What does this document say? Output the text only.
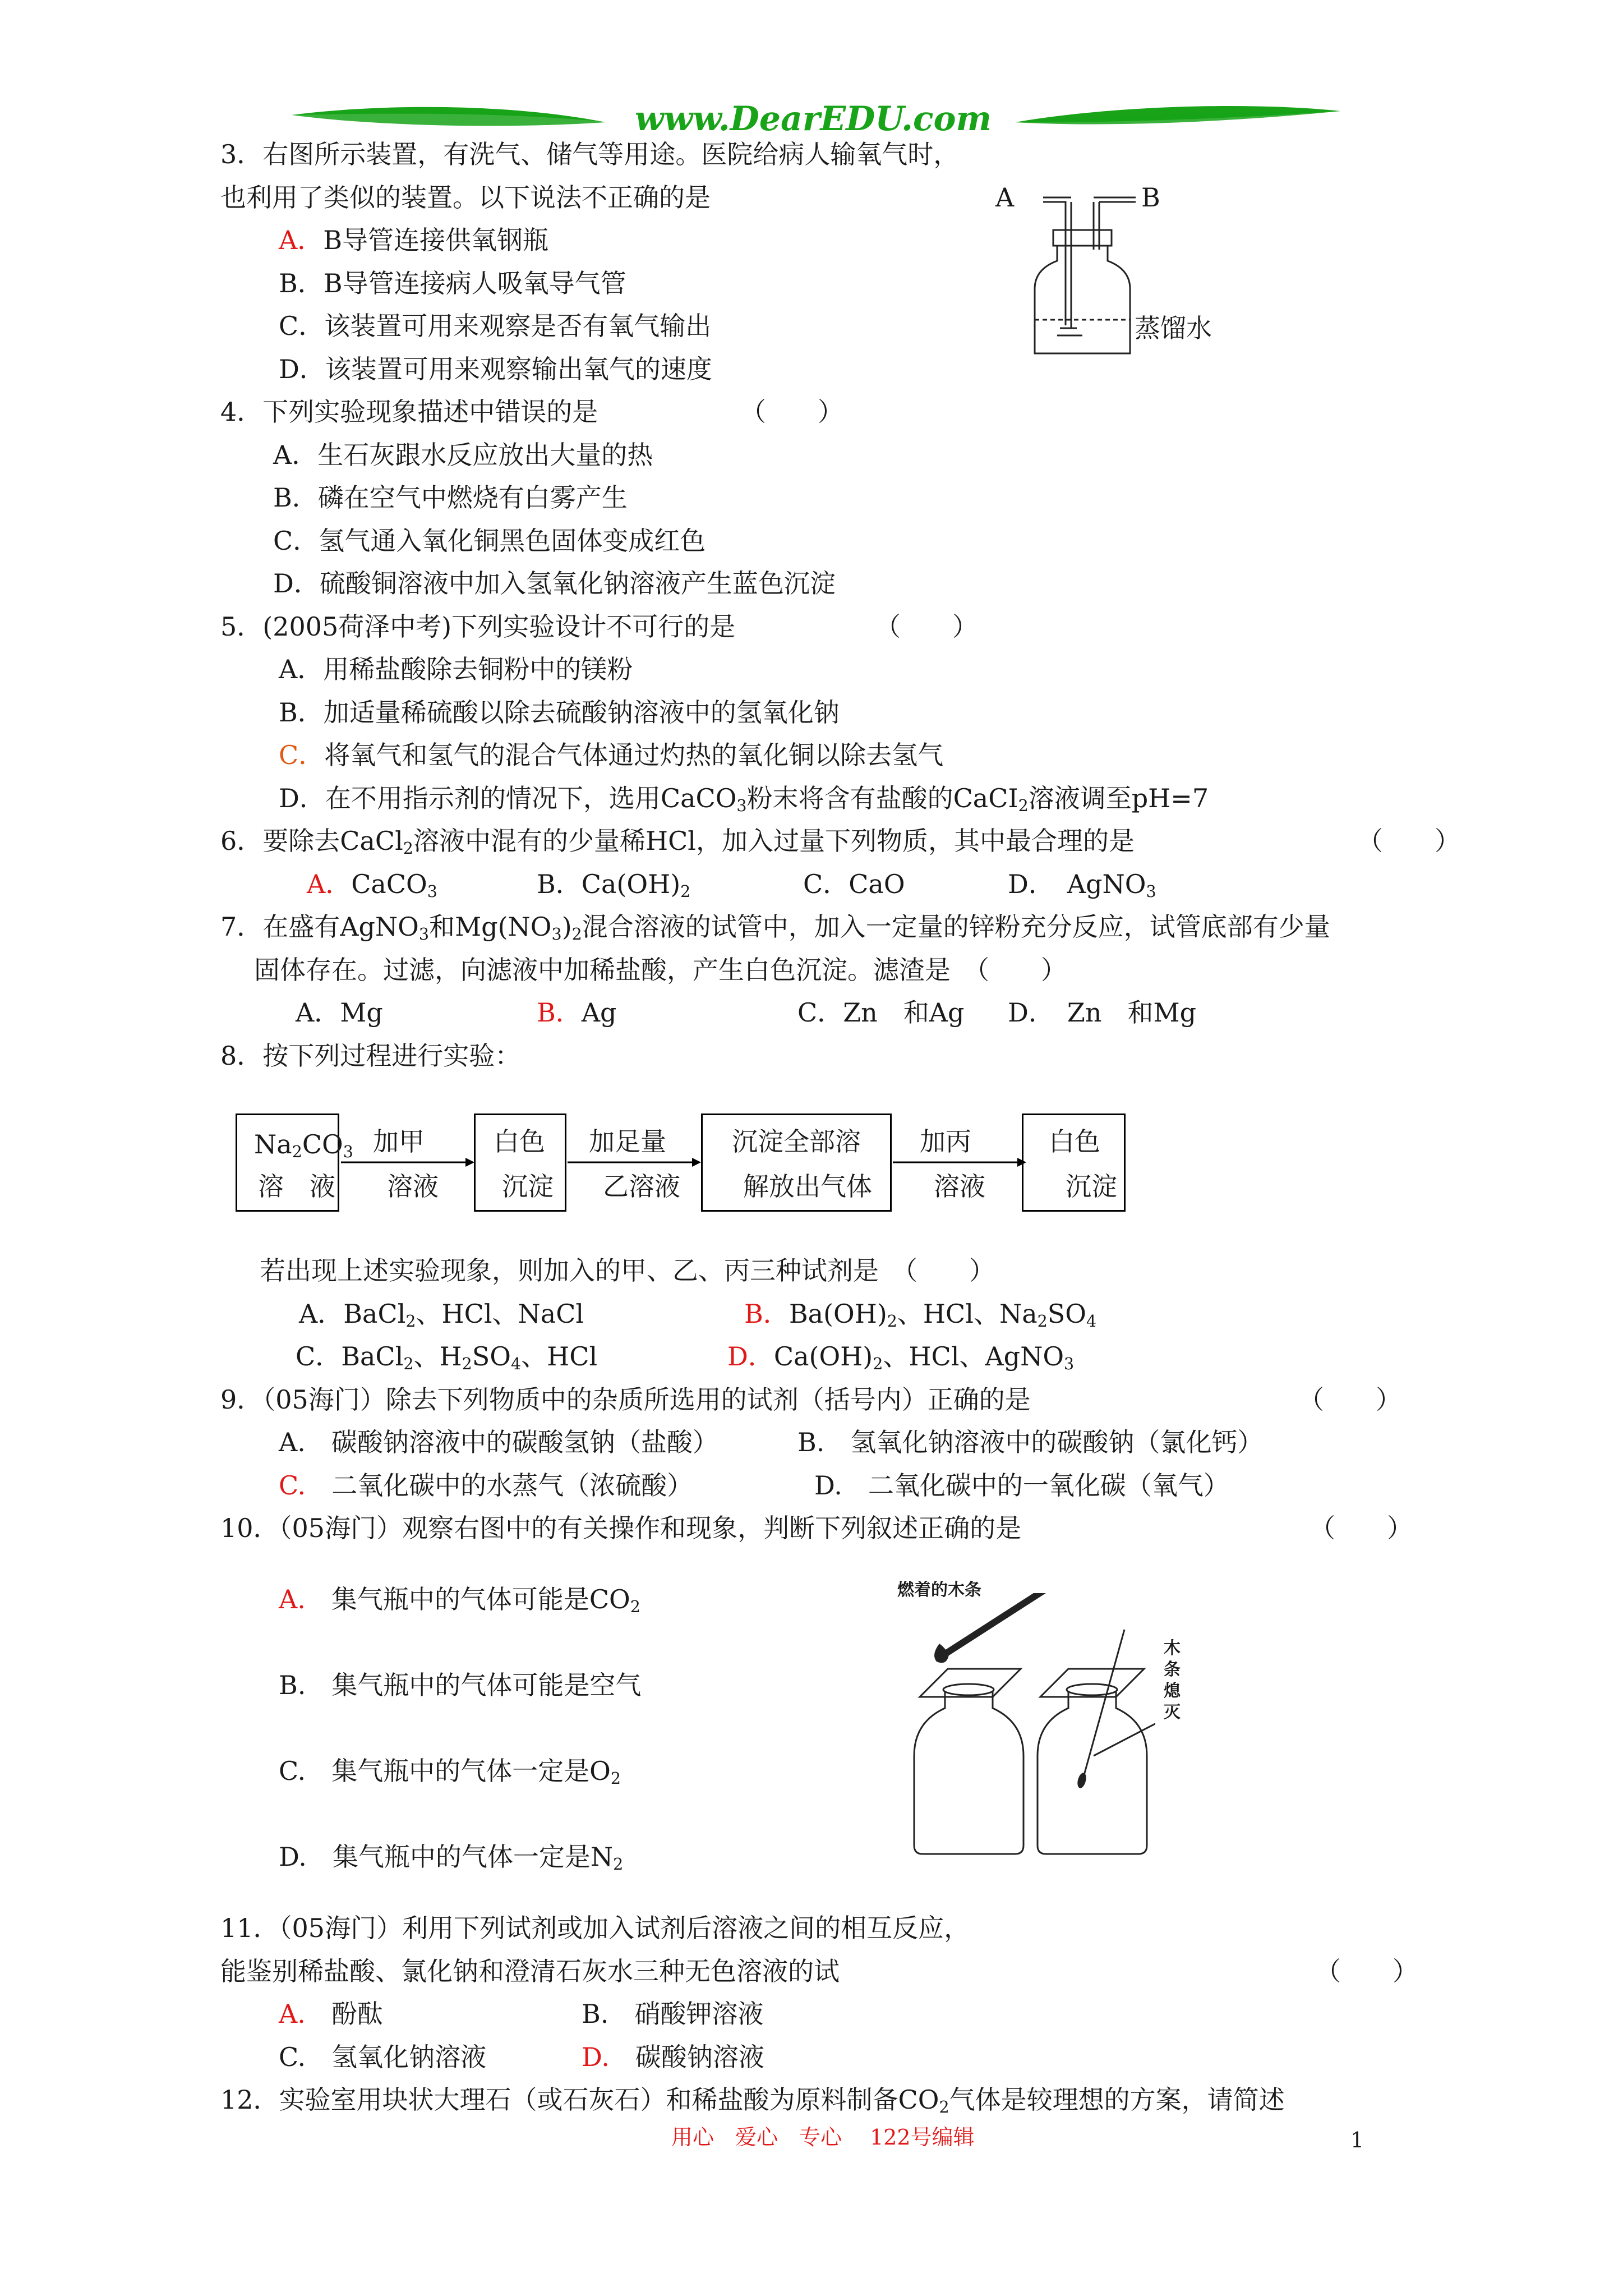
www.DearEDU.com
3．右图所示装置，有洗气、储气等用途。医院给病人输氧气时，
也利用了类似的装置。以下说法不正确的是
A．B导管连接供氧钢瓶
B．B导管连接病人吸氧导气管
C．该装置可用来观察是否有氧气输出
D．该装置可用来观察输出氧气的速度
A	B
蒸馏水
4．下列实验现象描述中错误的是	（　　）
A．生石灰跟水反应放出大量的热
B．磷在空气中燃烧有白雾产生
C．氢气通入氧化铜黑色固体变成红色
D．硫酸铜溶液中加入氢氧化钠溶液产生蓝色沉淀
5．(2005荷泽中考)下列实验设计不可行的是	（　　）
A．用稀盐酸除去铜粉中的镁粉
B．加适量稀硫酸以除去硫酸钠溶液中的氢氧化钠
C．将氧气和氢气的混合气体通过灼热的氧化铜以除去氢气
D．在不用指示剂的情况下，选用CaCO$_3$粉末将含有盐酸的CaCI$_2$溶液调至pH=7
6．要除去CaCl$_2$溶液中混有的少量稀HCl，加入过量下列物质，其中最合理的是	（　　）
A．CaCO$_3$	B．$Ca(OH)_2$	C．CaO	D．　AgNO$_3$
7．在盛有AgNO$_3$和$Mg(NO_3)_2$混合溶液的试管中，加入一定量的锌粉充分反应，试管底部有少量
固体存在。过滤，向滤液中加稀盐酸，产生白色沉淀。滤渣是　（　　）
A．Mg	B．Ag	C．Zn　和Ag D．　Zn　和Mg
8．按下列过程进行实验：
$Na_2CO_3$
溶　液
加甲
溶液
白色
沉淀
加足量
乙溶液
沉淀全部溶
解放出气体
加丙
溶液
白色
沉淀
若出现上述实验现象，则加入的甲、乙、丙三种试剂是　（　　）
A．BaCl$_2$、HCl、NaCl	B．$Ba(OH)_2$、HCl、$Na_2SO_4$
C．BaCl$_2$、$H_2SO_4$、HCl	D．$Ca(OH)_2$、HCl、AgNO$_3$
9．（05海门）除去下列物质中的杂质所选用的试剂（括号内）正确的是	（　　）
A.　碳酸钠溶液中的碳酸氢钠（盐酸）	B.　氢氧化钠溶液中的碳酸钠（氯化钙）
C.　二氧化碳中的水蒸气（浓硫酸）	D.　二氧化碳中的一氧化碳（氧气）
10．（05海门）观察右图中的有关操作和现象，判断下列叙述正确的是	（　　）
A.　集气瓶中的气体可能是$CO_2$
B.　集气瓶中的气体可能是空气
C.　集气瓶中的气体一定是$O_2$
D.　集气瓶中的气体一定是$N_2$
燃着的木条
木
条
熄
灭
11．（05海门）利用下列试剂或加入试剂后溶液之间的相互反应，
能鉴别稀盐酸、氯化钠和澄清石灰水三种无色溶液的试	（　　）
A.　酚酞	B.　硝酸钾溶液
C.　氢氧化钠溶液	D.　碳酸钠溶液
12．实验室用块状大理石（或石灰石）和稀盐酸为原料制备$CO_2$气体是较理想的方案，请简述
用心　爱心　专心　 122号编辑	1
